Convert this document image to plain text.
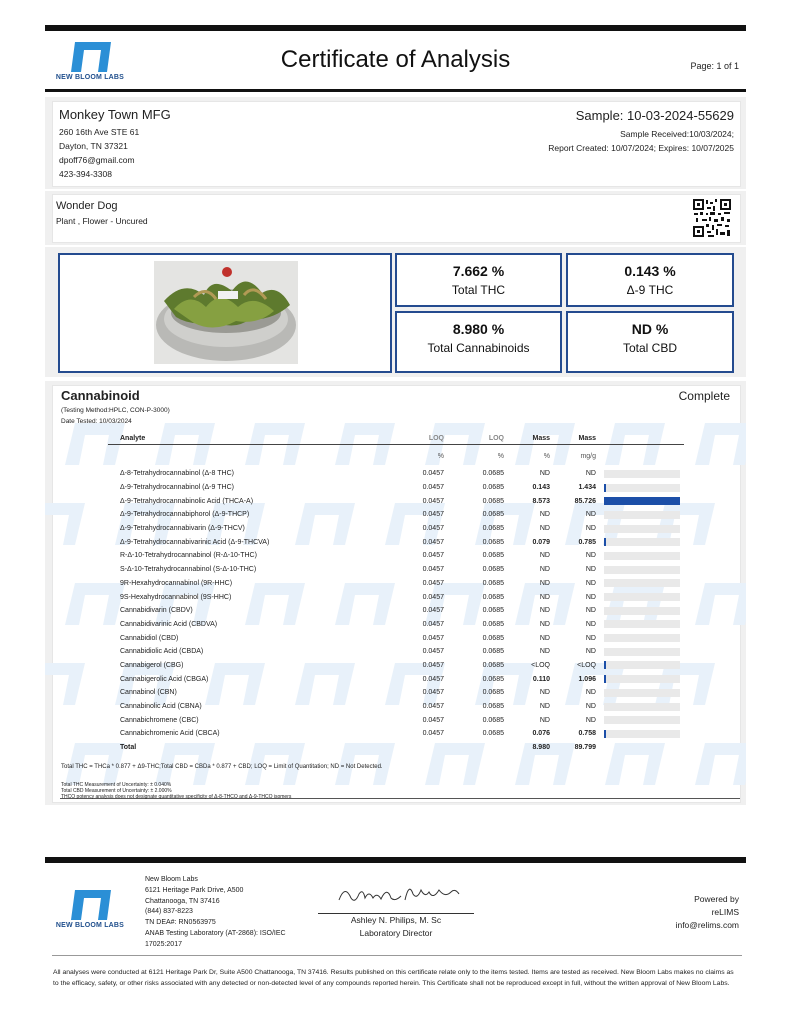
NEW BLOOM LABS
Certificate of Analysis	Page: 1 of 1
Monkey Town MFG
260 16th Ave STE 61
Dayton, TN 37321
dpoff76@gmail.com
423-394-3308
Sample: 10-03-2024-55629
Sample Received:10/03/2024;
Report Created: 10/07/2024; Expires: 10/07/2025
Wonder Dog
Plant , Flower - Uncured
7.662 %
Total THC
0.143 %
Δ-9 THC
8.980 %
Total Cannabinoids
ND %
Total CBD
Cannabinoid	Complete
(Testing Method:HPLC, CON-P-3000)
Date Tested: 10/03/2024
Analyte	LOQ	LOQ	Mass	Mass	
	%	%	%	mg/g	
Δ-8-Tetrahydrocannabinol (Δ-8 THC)	0.0457	0.0685	ND	ND	

Δ-9-Tetrahydrocannabinol (Δ-9 THC)	0.0457	0.0685	0.143	1.434	

Δ-9-Tetrahydrocannabinolic Acid (THCA-A)	0.0457	0.0685	8.573	85.726	

Δ-9-Tetrahydrocannabiphorol (Δ-9-THCP)	0.0457	0.0685	ND	ND	

Δ-9-Tetrahydrocannabivarin (Δ-9-THCV)	0.0457	0.0685	ND	ND	

Δ-9-Tetrahydrocannabivarinic Acid (Δ-9-THCVA)	0.0457	0.0685	0.079	0.785	

R-Δ-10-Tetrahydrocannabinol (R-Δ-10-THC)	0.0457	0.0685	ND	ND	

S-Δ-10-Tetrahydrocannabinol (S-Δ-10-THC)	0.0457	0.0685	ND	ND	

9R-Hexahydrocannabinol (9R-HHC)	0.0457	0.0685	ND	ND	

9S-Hexahydrocannabinol (9S-HHC)	0.0457	0.0685	ND	ND	

Cannabidivarin (CBDV)	0.0457	0.0685	ND	ND	

Cannabidivarinic Acid (CBDVA)	0.0457	0.0685	ND	ND	

Cannabidiol (CBD)	0.0457	0.0685	ND	ND	

Cannabidiolic Acid (CBDA)	0.0457	0.0685	ND	ND	

Cannabigerol (CBG)	0.0457	0.0685	<LOQ	<LOQ	

Cannabigerolic Acid (CBGA)	0.0457	0.0685	0.110	1.096	

Cannabinol (CBN)	0.0457	0.0685	ND	ND	

Cannabinolic Acid (CBNA)	0.0457	0.0685	ND	ND	

Cannabichromene (CBC)	0.0457	0.0685	ND	ND	

Cannabichromenic Acid (CBCA)	0.0457	0.0685	0.076	0.758	

Total			8.980	89.799	
Total THC = THCa * 0.877 + Δ9-THC;Total CBD = CBDa * 0.877 + CBD; LOQ = Limit of Quantitation; ND = Not Detected.
Total THC Measurement of Uncertainty: ± 0.040%
Total CBD Measurement of Uncertainty: ± 2.000%
THCO potency analysis does not designate quantitative specificity of Δ-8-THCO and Δ-9-THCO isomers
NEW BLOOM LABS
New Bloom Labs
6121 Heritage Park Drive, A500
Chattanooga, TN 37416
(844) 837-8223
TN DEA#: RN0563975
ANAB Testing Laboratory (AT-2868): ISO/IEC
17025:2017
Ashley N. Philips, M. Sc
Laboratory Director
Powered by
reLIMS
info@relims.com
All analyses were conducted at 6121 Heritage Park Dr, Suite A500 Chattanooga, TN 37416. Results published on this certificate relate only to the items tested. Items are tested as received. New Bloom Labs makes no claims as to the efficacy, safety, or other risks associated with any detected or non-detected level of any compounds reported herein. This Certificate shall not be reproduced except in full, without the written approval of New Bloom Labs.
